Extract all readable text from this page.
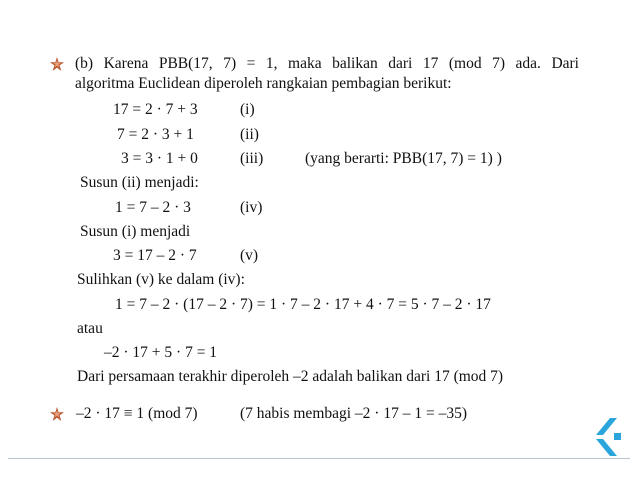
(b) Karena PBB(17, 7) = 1, maka balikan dari 17 (mod 7) ada. Dari
algoritma Euclidean diperoleh rangkaian pembagian berikut:
17 = 2 · 7 + 3	(i)
7 = 2 · 3 + 1	(ii)
3 = 3 · 1 + 0	(iii)	(yang berarti: PBB(17, 7) = 1) )
Susun (ii) menjadi:
1 = 7 – 2 · 3	(iv)
Susun (i) menjadi
3 = 17 – 2 · 7	(v)
Sulihkan (v) ke dalam (iv):
1 = 7 – 2 · (17 – 2 · 7) = 1 · 7 – 2 · 17 + 4 · 7 = 5 · 7 – 2 · 17
atau
–2 · 17 + 5 · 7 = 1
Dari persamaan terakhir diperoleh –2 adalah balikan dari 17 (mod 7)
–2 · 17 ≡ 1 (mod 7)	(7 habis membagi –2 · 17 – 1 = –35)
